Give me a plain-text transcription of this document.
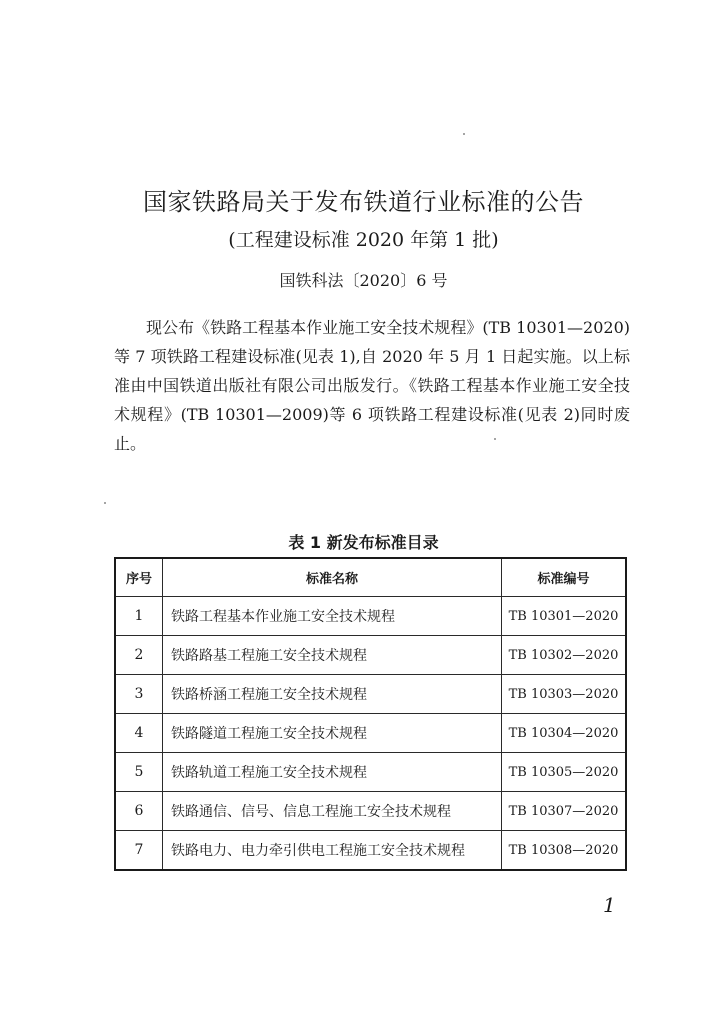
国家铁路局关于发布铁道行业标准的公告
(工程建设标准 2020 年第 1 批)
国铁科法〔2020〕6 号

现公布《铁路工程基本作业施工安全技术规程》(TB 10301—2020)等 7 项铁路工程建设标准(见表 1),自 2020 年 5 月 1 日起实施。以上标准由中国铁道出版社有限公司出版发行。《铁路工程基本作业施工安全技术规程》(TB 10301—2009)等 6 项铁路工程建设标准(见表 2)同时废止。

表 1 新发布标准目录
序号	标准名称	标准编号
1	铁路工程基本作业施工安全技术规程	TB 10301—2020
2	铁路路基工程施工安全技术规程	TB 10302—2020
3	铁路桥涵工程施工安全技术规程	TB 10303—2020
4	铁路隧道工程施工安全技术规程	TB 10304—2020
5	铁路轨道工程施工安全技术规程	TB 10305—2020
6	铁路通信、信号、信息工程施工安全技术规程	TB 10307—2020
7	铁路电力、电力牵引供电工程施工安全技术规程	TB 10308—2020
1
